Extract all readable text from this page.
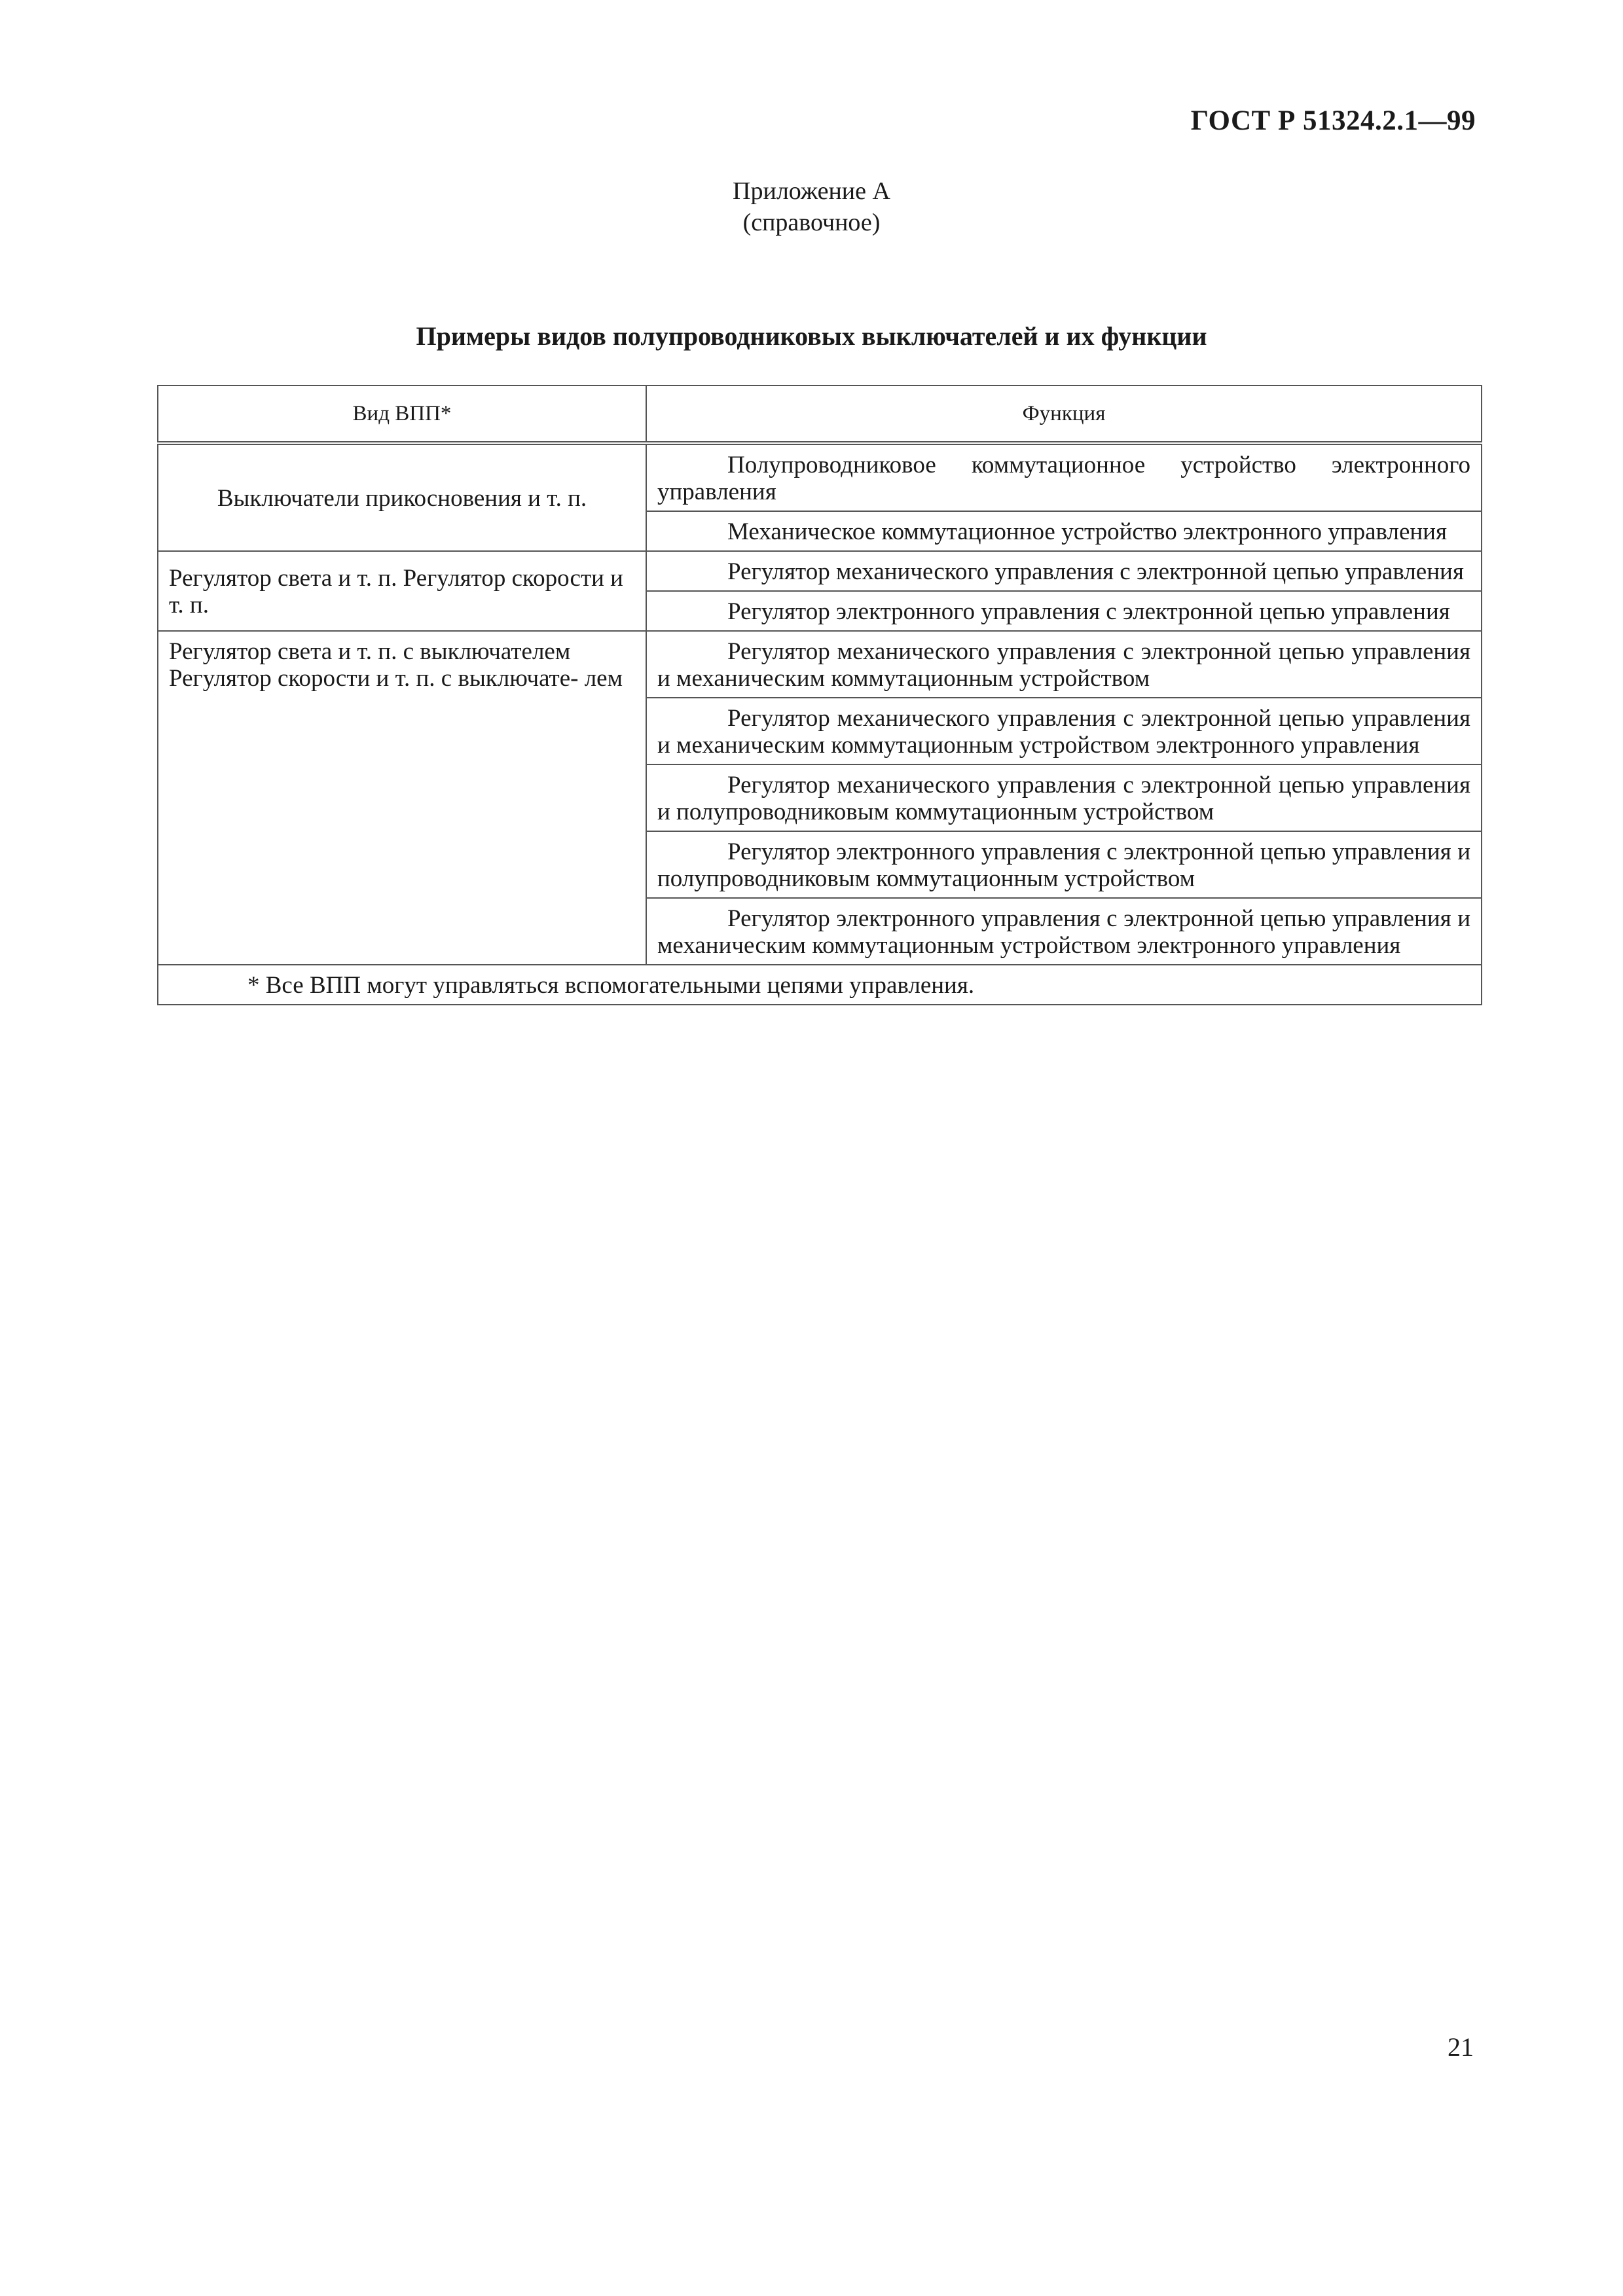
ГОСТ Р 51324.2.1—99
Приложение А
(справочное)
Примеры видов полупроводниковых выключателей и их функции
Вид ВПП*	Функция
Выключатели прикосновения и т. п.	Полупроводниковое коммутационное устройство электронного управления
	Механическое коммутационное устройство электронного управления
Регулятор света и т. п. Регулятор скорости и т. п.	Регулятор механического управления с электронной цепью управления
	Регулятор электронного управления с электронной цепью управления
Регулятор света и т. п. с выключателем Регулятор скорости и т. п. с выключате- лем	Регулятор механического управления с электронной цепью управления и механическим коммутационным устройством
	Регулятор механического управления с электронной цепью управления и механическим коммутационным устройством электронного управления
	Регулятор механического управления с электронной цепью управления и полупроводниковым коммутационным устройством
	Регулятор электронного управления с электронной цепью управления и полупроводниковым коммутационным устройством
	Регулятор электронного управления с электронной цепью управления и механическим коммутационным устройством электронного управления
* Все ВПП могут управляться вспомогательными цепями управления.	
21
